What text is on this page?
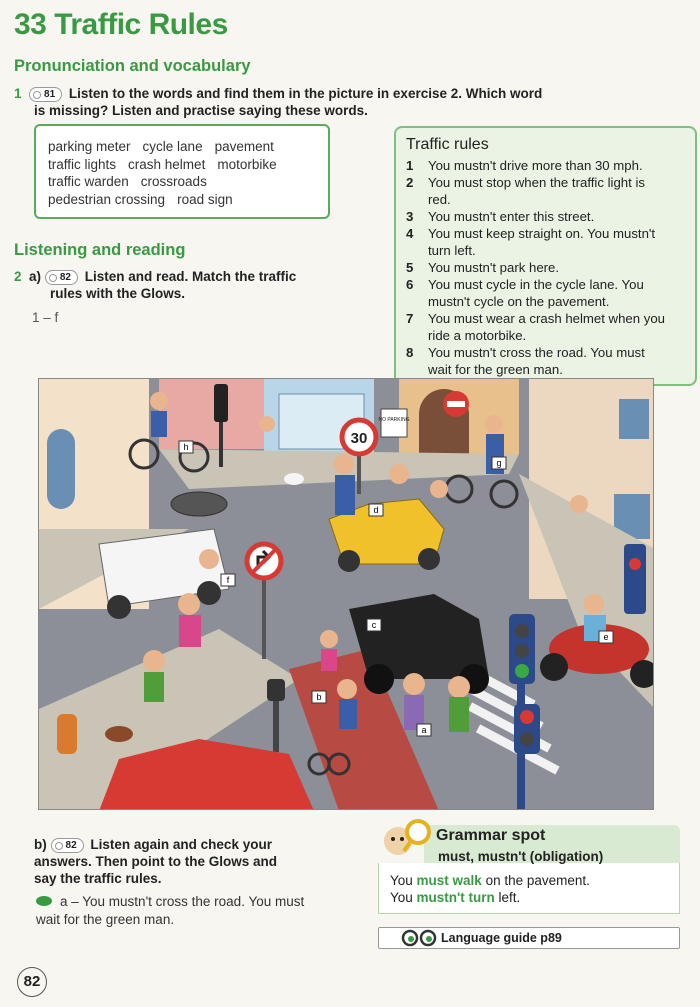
33 Traffic Rules
Pronunciation and vocabulary
1 81 Listen to the words and find them in the picture in exercise 2. Which word
is missing? Listen and practise saying these words.
parking meter cycle lane pavement
traffic lights crash helmet motorbike
traffic warden crossroads
pedestrian crossing road sign
Traffic rules
1	You mustn't drive more than 30 mph.
2	You must stop when the traffic light is
red.
3	You mustn't enter this street.
4	You must keep straight on. You mustn't
turn left.
5	You mustn't park here.
6	You must cycle in the cycle lane. You
mustn't cycle on the pavement.
7	You must wear a crash helmet when you
ride a motorbike.
8	You mustn't cross the road. You must
wait for the green man.
Listening and reading
2 a) 82 Listen and read. Match the traffic
rules with the Glows.
1 – f
30
NO PARKING
a
b
c
d
e
f
g
h
b) 82 Listen again and check your
answers. Then point to the Glows and
say the traffic rules.
a – You mustn't cross the road. You must
wait for the green man.
Grammar spot
must, mustn't (obligation)
You must walk on the pavement.
You mustn't turn left.
Language guide p89
82
